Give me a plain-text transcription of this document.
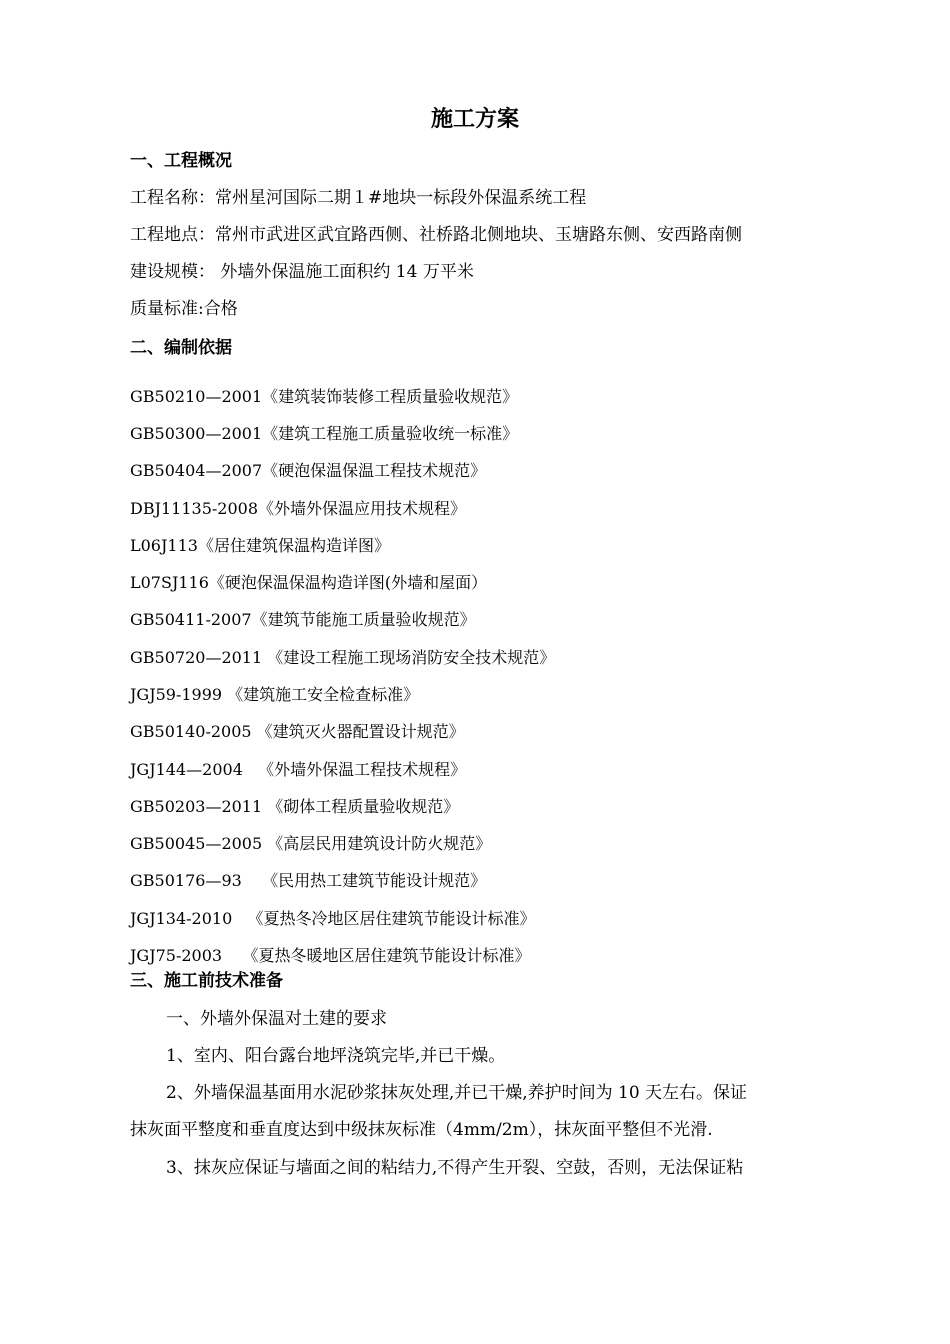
施工方案
一、工程概况
工程名称：常州星河国际二期１#地块一标段外保温系统工程
工程地点：常州市武进区武宜路西侧、社桥路北侧地块、玉塘路东侧、安西路南侧
建设规模： 外墙外保温施工面积约 14 万平米
质量标准:合格
二、编制依据
GB50210—2001《建筑装饰装修工程质量验收规范》
GB50300—2001《建筑工程施工质量验收统一标准》
GB50404—2007《硬泡保温保温工程技术规范》
DBJ11135-2008《外墙外保温应用技术规程》
L06J113《居住建筑保温构造详图》
L07SJ116《硬泡保温保温构造详图(外墙和屋面）
GB50411-2007《建筑节能施工质量验收规范》
GB50720—2011 《建设工程施工现场消防安全技术规范》
JGJ59-1999 《建筑施工安全检查标准》
GB50140-2005 《建筑灭火器配置设计规范》
JGJ144—2004   《外墙外保温工程技术规程》
GB50203—2011 《砌体工程质量验收规范》
GB50045—2005 《高层民用建筑设计防火规范》
GB50176—93    《民用热工建筑节能设计规范》
JGJ134-2010   《夏热冬冷地区居住建筑节能设计标准》
JGJ75-2003    《夏热冬暖地区居住建筑节能设计标准》
三、施工前技术准备
一、外墙外保温对土建的要求
1、室内、阳台露台地坪浇筑完毕,并已干燥。
2、外墙保温基面用水泥砂浆抹灰处理,并已干燥,养护时间为 10 天左右。保证
抹灰面平整度和垂直度达到中级抹灰标准（4mm/2m），抹灰面平整但不光滑.
3、抹灰应保证与墙面之间的粘结力,不得产生开裂、空鼓，否则，无法保证粘
